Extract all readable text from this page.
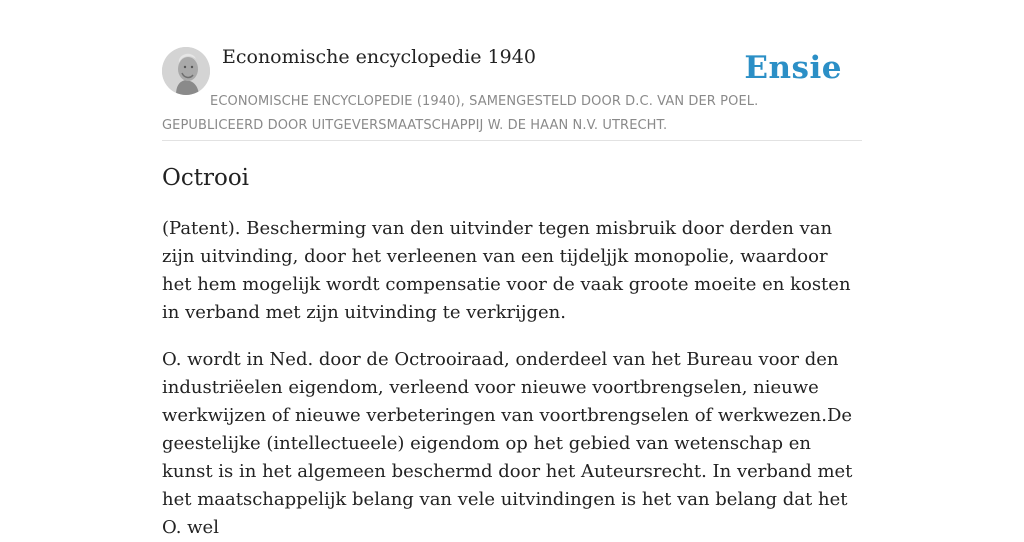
Economische encyclopedie 1940	Ensie
ECONOMISCHE ENCYCLOPEDIE (1940), SAMENGESTELD DOOR D.C. VAN DER POEL. GEPUBLICEERD DOOR UITGEVERSMAATSCHAPPIJ W. DE HAAN N.V. UTRECHT.
Octrooi

(Patent). Bescherming van den uitvinder tegen misbruik door derden van zijn uitvinding, door het verleenen van een tijdeljjk monopolie, waardoor het hem mogelijk wordt compensatie voor de vaak groote moeite en kosten in verband met zijn uitvinding te verkrijgen.

O. wordt in Ned. door de Octrooiraad, onderdeel van het Bureau voor den industriëelen eigendom, verleend voor nieuwe voortbrengselen, nieuwe werkwijzen of nieuwe verbeteringen van voortbrengselen of werkwezen.De geestelijke (intellectueele) eigendom op het gebied van wetenschap en kunst is in het algemeen beschermd door het Auteursrecht. In verband met het maatschappelijk belang van vele uitvindingen is het van belang dat het O. wel
